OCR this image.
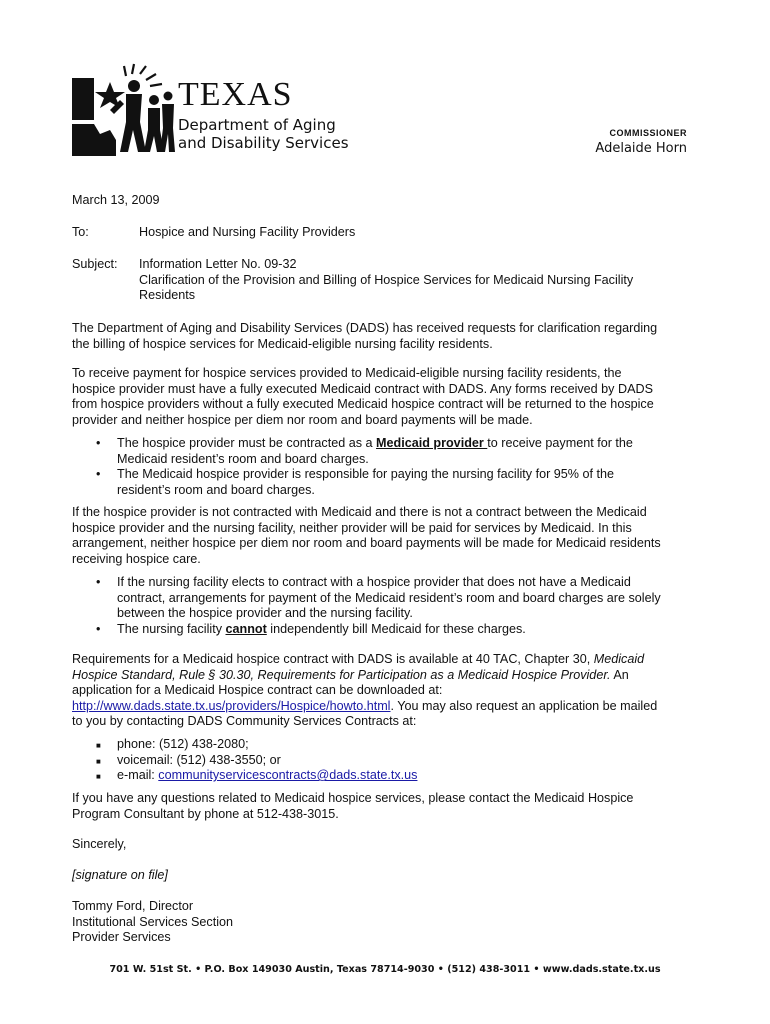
TEXAS
Department of Aging
and Disability Services
COMMISSIONER
Adelaide Horn

March 13, 2009

To:	Hospice and Nursing Facility Providers
Subject: Information Letter No. 09-32
Clarification of the Provision and Billing of Hospice Services for Medicaid Nursing Facility
Residents
The Department of Aging and Disability Services (DADS) has received requests for clarification regarding
the billing of hospice services for Medicaid-eligible nursing facility residents.
To receive payment for hospice services provided to Medicaid-eligible nursing facility residents, the
hospice provider must have a fully executed Medicaid contract with DADS. Any forms received by DADS
from hospice providers without a fully executed Medicaid hospice contract will be returned to the hospice
provider and neither hospice per diem nor room and board payments will be made.
• The hospice provider must be contracted as a Medicaid provider to receive payment for the
Medicaid resident’s room and board charges.
• The Medicaid hospice provider is responsible for paying the nursing facility for 95% of the
resident’s room and board charges.
If the hospice provider is not contracted with Medicaid and there is not a contract between the Medicaid
hospice provider and the nursing facility, neither provider will be paid for services by Medicaid. In this
arrangement, neither hospice per diem nor room and board payments will be made for Medicaid residents
receiving hospice care.
• If the nursing facility elects to contract with a hospice provider that does not have a Medicaid
contract, arrangements for payment of the Medicaid resident’s room and board charges are solely
between the hospice provider and the nursing facility.
• The nursing facility cannot independently bill Medicaid for these charges.
Requirements for a Medicaid hospice contract with DADS is available at 40 TAC, Chapter 30, Medicaid
Hospice Standard, Rule § 30.30, Requirements for Participation as a Medicaid Hospice Provider. An
application for a Medicaid Hospice contract can be downloaded at:
http://www.dads.state.tx.us/providers/Hospice/howto.html. You may also request an application be mailed
to you by contacting DADS Community Services Contracts at:
■ phone: (512) 438-2080;
■ voicemail: (512) 438-3550; or
■ e-mail: communityservicescontracts@dads.state.tx.us
If you have any questions related to Medicaid hospice services, please contact the Medicaid Hospice
Program Consultant by phone at 512-438-3015.

Sincerely,

[signature on file]

Tommy Ford, Director
Institutional Services Section
Provider Services
701 W. 51st St. • P.O. Box 149030 Austin, Texas 78714-9030 • (512) 438-3011 • www.dads.state.tx.us
